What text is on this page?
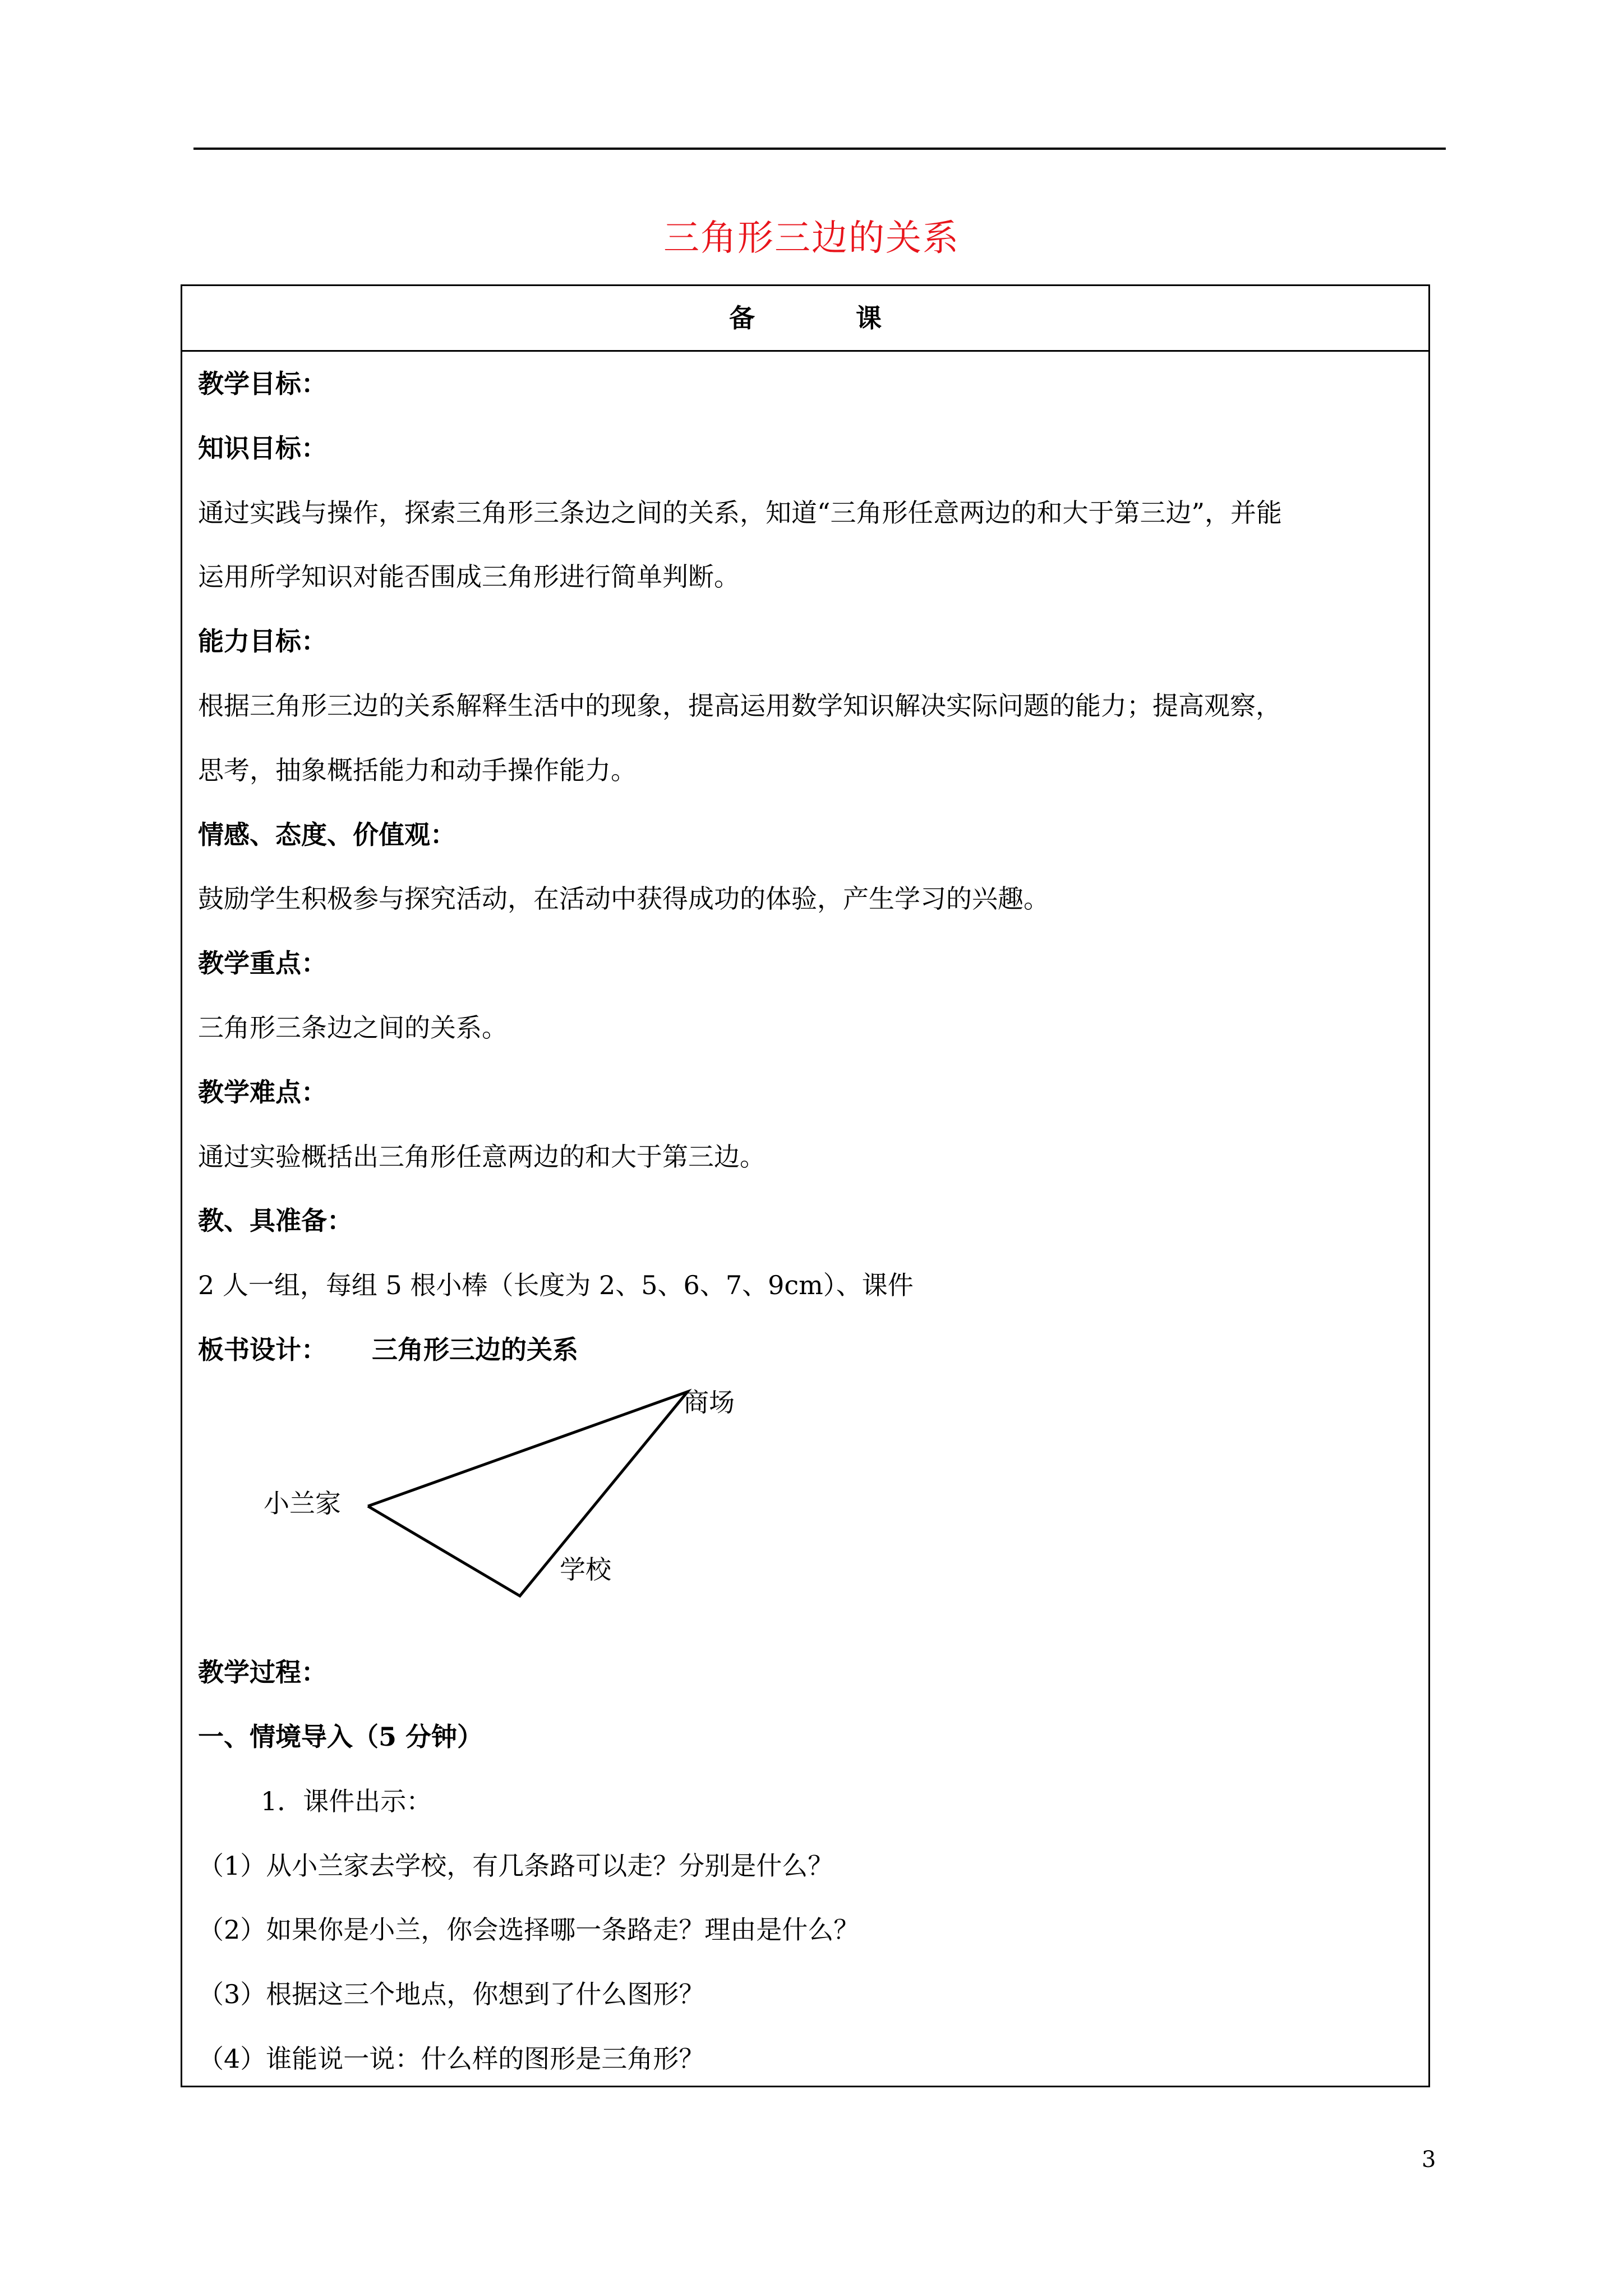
三角形三边的关系
备课
教学目标：
知识目标：
通过实践与操作，探索三角形三条边之间的关系，知道“三角形任意两边的和大于第三边”，并能
运用所学知识对能否围成三角形进行简单判断。
能力目标：
根据三角形三边的关系解释生活中的现象，提高运用数学知识解决实际问题的能力；提高观察，
思考，抽象概括能力和动手操作能力。
情感、态度、价值观：
鼓励学生积极参与探究活动，在活动中获得成功的体验，产生学习的兴趣。
教学重点：
三角形三条边之间的关系。
教学难点：
通过实验概括出三角形任意两边的和大于第三边。
教、具准备：
2 人一组，每组 5 根小棒（长度为 2、5、6、7、9cm）、课件
板书设计： 三角形三边的关系
教学过程：
一、情境导入（5 分钟）
1．课件出示：
（1）从小兰家去学校，有几条路可以走？分别是什么？
（2）如果你是小兰，你会选择哪一条路走？理由是什么？
（3）根据这三个地点，你想到了什么图形？
（4）谁能说一说：什么样的图形是三角形？
小兰家
商场
学校
3
